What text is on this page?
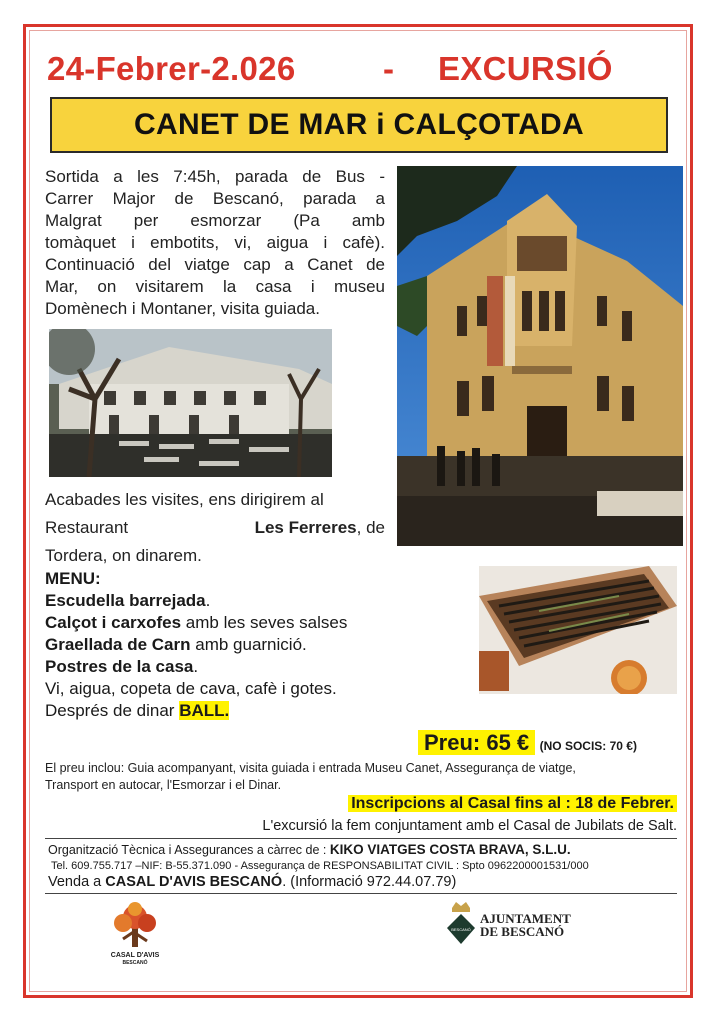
24-Febrer-2.026	- EXCURSIÓ
CANET DE MAR i CALÇOTADA
Sortida a les 7:45h, parada de Bus -
Carrer Major de Bescanó, parada a
Malgrat per esmorzar (Pa amb
tomàquet i embotits, vi, aigua i cafè).
Continuació del viatge cap a Canet de
Mar, on visitarem la casa i museu
Domènech i Montaner, visita guiada.
Acabades les visites, ens dirigirem al
Restaurant	Les Ferreres, de
Tordera, on dinarem.
MENU:
Escudella barrejada.
Calçot i carxofes amb les seves salses
Graellada de Carn amb guarnició.
Postres de la casa.
Vi, aigua, copeta de cava, cafè i gotes.
Després de dinar BALL.
Preu: 65 € (NO SOCIS: 70 €)
El preu inclou: Guia acompanyant, visita guiada i entrada Museu Canet, Assegurança de viatge,
Transport en autocar, l'Esmorzar i el Dinar.
Inscripcions al Casal fins al : 18 de Febrer.
L'excursió la fem conjuntament amb el Casal de Jubilats de Salt.
Organització Tècnica i Assegurances a càrrec de : KIKO VIATGES COSTA BRAVA, S.L.U.
Tel. 609.755.717 –NIF: B-55.371.090 - Assegurança de RESPONSABILITAT CIVIL : Spto 0962200001531/000
Venda a CASAL D'AVIS BESCANÓ. (Informació 972.44.07.79)
CASAL D'AVIS
BESCANÓ
BESCANÓ
AJUNTAMENT
DE BESCANÓ
